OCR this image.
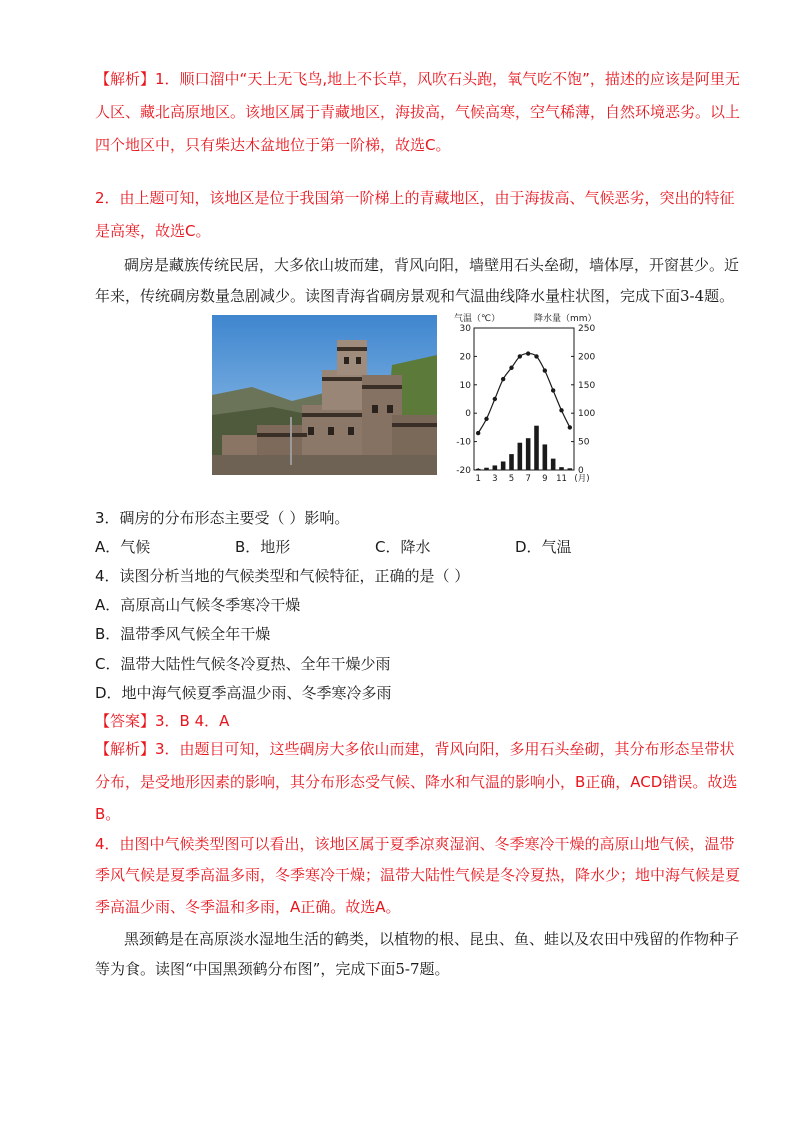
【解析】1．顺口溜中“天上无飞鸟,地上不长草，风吹石头跑，氧气吃不饱”，描述的应该是阿里无
人区、藏北高原地区。该地区属于青藏地区，海拔高，气候高寒，空气稀薄，自然环境恶劣。以上
四个地区中，只有柴达木盆地位于第一阶梯，故选C。
2．由上题可知，该地区是位于我国第一阶梯上的青藏地区，由于海拔高、气候恶劣，突出的特征
是高寒，故选C。
碉房是藏族传统民居，大多依山坡而建，背风向阳，墙壁用石头垒砌，墙体厚，开窗甚少。近
年来，传统碉房数量急剧减少。读图青海省碉房景观和气温曲线降水量柱状图，完成下面3-4题。
气温（℃）	降水量（mm）
30
20
10
0
-10
-20
250
200
150
100
50
0
1 3 5 7 9 11 (月)
3．碉房的分布形态主要受（ ）影响。
A．气候	B．地形	C．降水	D．气温
4．读图分析当地的气候类型和气候特征，正确的是（ ）
A．高原高山气候冬季寒冷干燥
B．温带季风气候全年干燥
C．温带大陆性气候冬冷夏热、全年干燥少雨
D．地中海气候夏季高温少雨、冬季寒冷多雨
【答案】3．B 4．A
【解析】3．由题目可知，这些碉房大多依山而建，背风向阳，多用石头垒砌，其分布形态呈带状
分布，是受地形因素的影响，其分布形态受气候、降水和气温的影响小，B正确，ACD错误。故选
B。
4．由图中气候类型图可以看出，该地区属于夏季凉爽湿润、冬季寒冷干燥的高原山地气候，温带
季风气候是夏季高温多雨，冬季寒冷干燥；温带大陆性气候是冬冷夏热，降水少；地中海气候是夏
季高温少雨、冬季温和多雨，A正确。故选A。
黑颈鹤是在高原淡水湿地生活的鹤类，以植物的根、昆虫、鱼、蛙以及农田中残留的作物种子
等为食。读图“中国黑颈鹤分布图”，完成下面5-7题。
